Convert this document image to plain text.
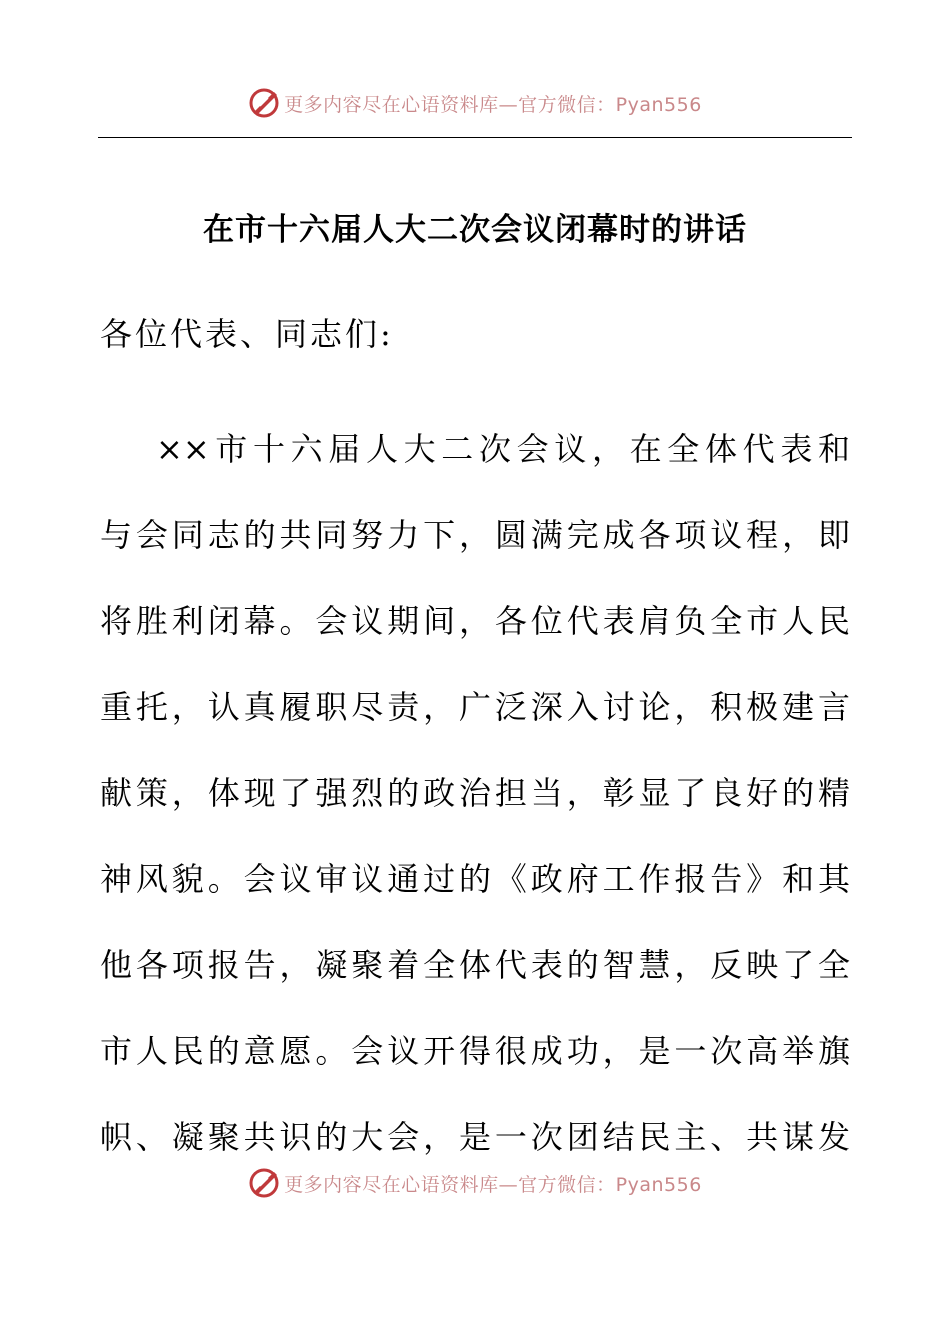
更多内容尽在心语资料库—官方微信：Pyan556
在市十六届人大二次会议闭幕时的讲话

各位代表、同志们:

××市十六届人大二次会议，在全体代表和
与会同志的共同努力下，圆满完成各项议程，即
将胜利闭幕。会议期间，各位代表肩负全市人民
重托，认真履职尽责，广泛深入讨论，积极建言
献策，体现了强烈的政治担当，彰显了良好的精
神风貌。会议审议通过的《政府工作报告》和其
他各项报告，凝聚着全体代表的智慧，反映了全
市人民的意愿。会议开得很成功，是一次高举旗
帜、凝聚共识的大会，是一次团结民主、共谋发
更多内容尽在心语资料库—官方微信：Pyan556
